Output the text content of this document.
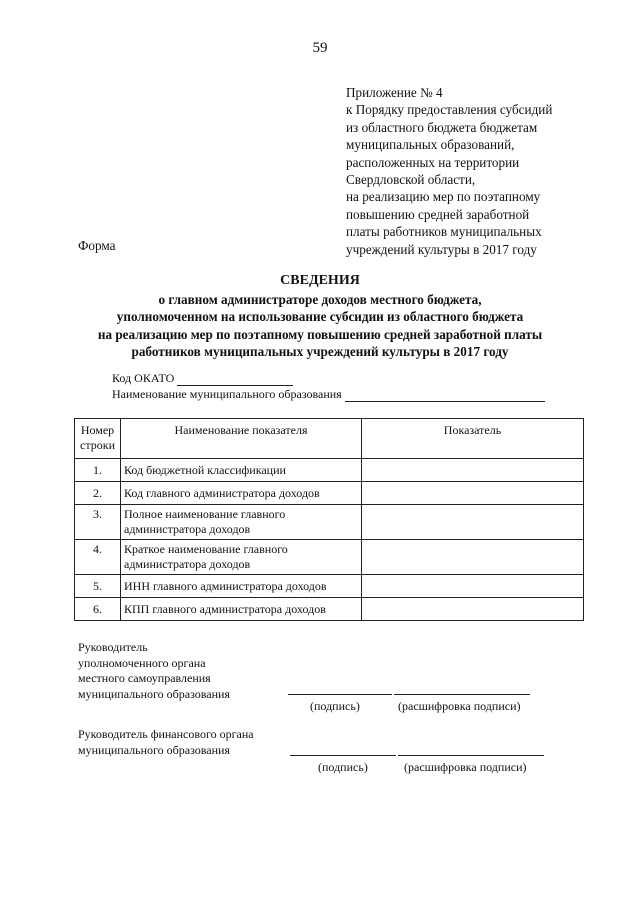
59
Приложение № 4
к Порядку предоставления субсидий
из областного бюджета бюджетам
муниципальных образований,
расположенных на территории
Свердловской области,
на реализацию мер по поэтапному
повышению средней заработной
платы работников муниципальных
учреждений культуры в 2017 году
Форма
СВЕДЕНИЯ
о главном администраторе доходов местного бюджета,
уполномоченном на использование субсидии из областного бюджета
на реализацию мер по поэтапному повышению средней заработной платы
работников муниципальных учреждений культуры в 2017 году
Код ОКАТО
Наименование муниципального образования
Номер
строки	Наименование показателя	Показатель
1.	Код бюджетной классификации	
2.	Код главного администратора доходов	
3.	Полное наименование главного администратора доходов	
4.	Краткое наименование главного администратора доходов	
5.	ИНН главного администратора доходов	
6.	КПП главного администратора доходов	
Руководитель
уполномоченного органа
местного самоуправления
муниципального образования
(подпись)	(расшифровка подписи)
Руководитель финансового органа
муниципального образования
(подпись)	(расшифровка подписи)
